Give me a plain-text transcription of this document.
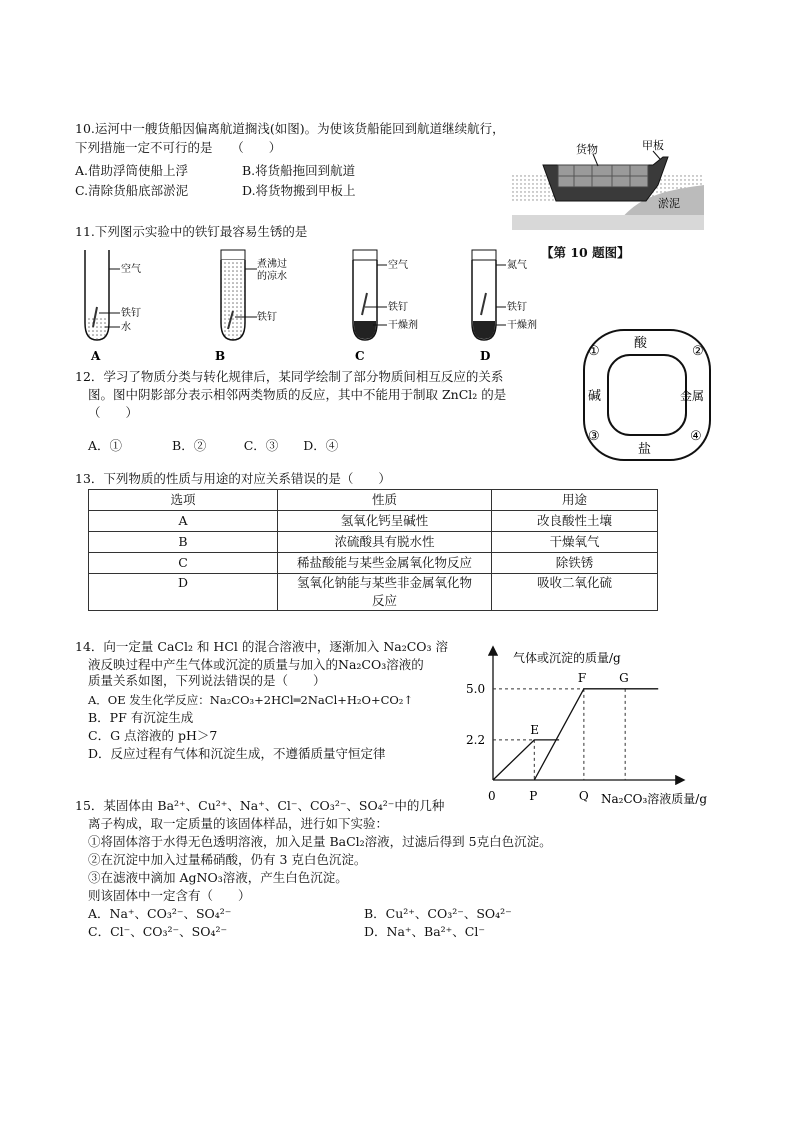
10.运河中一艘货船因偏离航道搁浅(如图)。为使该货船能回到航道继续航行，
下列措施一定不可行的是　　（　　）
A.借助浮筒使船上浮	B.将货船拖回到航道
C.清除货船底部淤泥	D.将货物搬到甲板上
货物	甲板
淤泥
【第 10 题图】
11.下列图示实验中的铁钉最容易生锈的是
空气
铁钉
水
A
煮沸过
的凉水
铁钉
B
空气
铁钉
干燥剂
C	D
氮气
铁钉
干燥剂
12．学习了物质分类与转化规律后，某同学绘制了部分物质间相互反应的关系
图。图中阴影部分表示相邻两类物质的反应，其中不能用于制取 ZnCl₂ 的是
（　　）
A．①　　　　B．②　　　C．③　　D．④
酸
碱	金属
盐
①	②
③	④
13．下列物质的性质与用途的对应关系错误的是（　　）
选项	性质	用途
A	氢氧化钙呈碱性	改良酸性土壤
B	浓硫酸具有脱水性	干燥氧气
C	稀盐酸能与某些金属氧化物反应	除铁锈
D	氢氧化钠能与某些非金属氧化物
反应	吸收二氧化硫
14．向一定量 CaCl₂ 和 HCl 的混合溶液中，逐渐加入 Na₂CO₃ 溶
液反映过程中产生气体或沉淀的质量与加入的Na₂CO₃溶液的
质量关系如图，下列说法错误的是（　　）
A．OE 发生化学反应：Na₂CO₃+2HCl═2NaCl+H₂O+CO₂↑
B．PF 有沉淀生成
C．G 点溶液的 pH＞7
D．反应过程有气体和沉淀生成，不遵循质量守恒定律
气体或沉淀的质量/g
Na₂CO₃溶液质量/g
0
2.2
5.0
P	Q
E
F	G
15．某固体由 Ba²⁺、Cu²⁺、Na⁺、Cl⁻、CO₃²⁻、SO₄²⁻中的几种
离子构成，取一定质量的该固体样品，进行如下实验：
①将固体溶于水得无色透明溶液，加入足量 BaCl₂溶液，过滤后得到 5克白色沉淀。
②在沉淀中加入过量稀硝酸，仍有 3 克白色沉淀。
③在滤液中滴加 AgNO₃溶液，产生白色沉淀。
则该固体中一定含有（　　）
A．Na⁺、CO₃²⁻、SO₄²⁻	B．Cu²⁺、CO₃²⁻、SO₄²⁻
C．Cl⁻、CO₃²⁻、SO₄²⁻	D．Na⁺、Ba²⁺、Cl⁻
